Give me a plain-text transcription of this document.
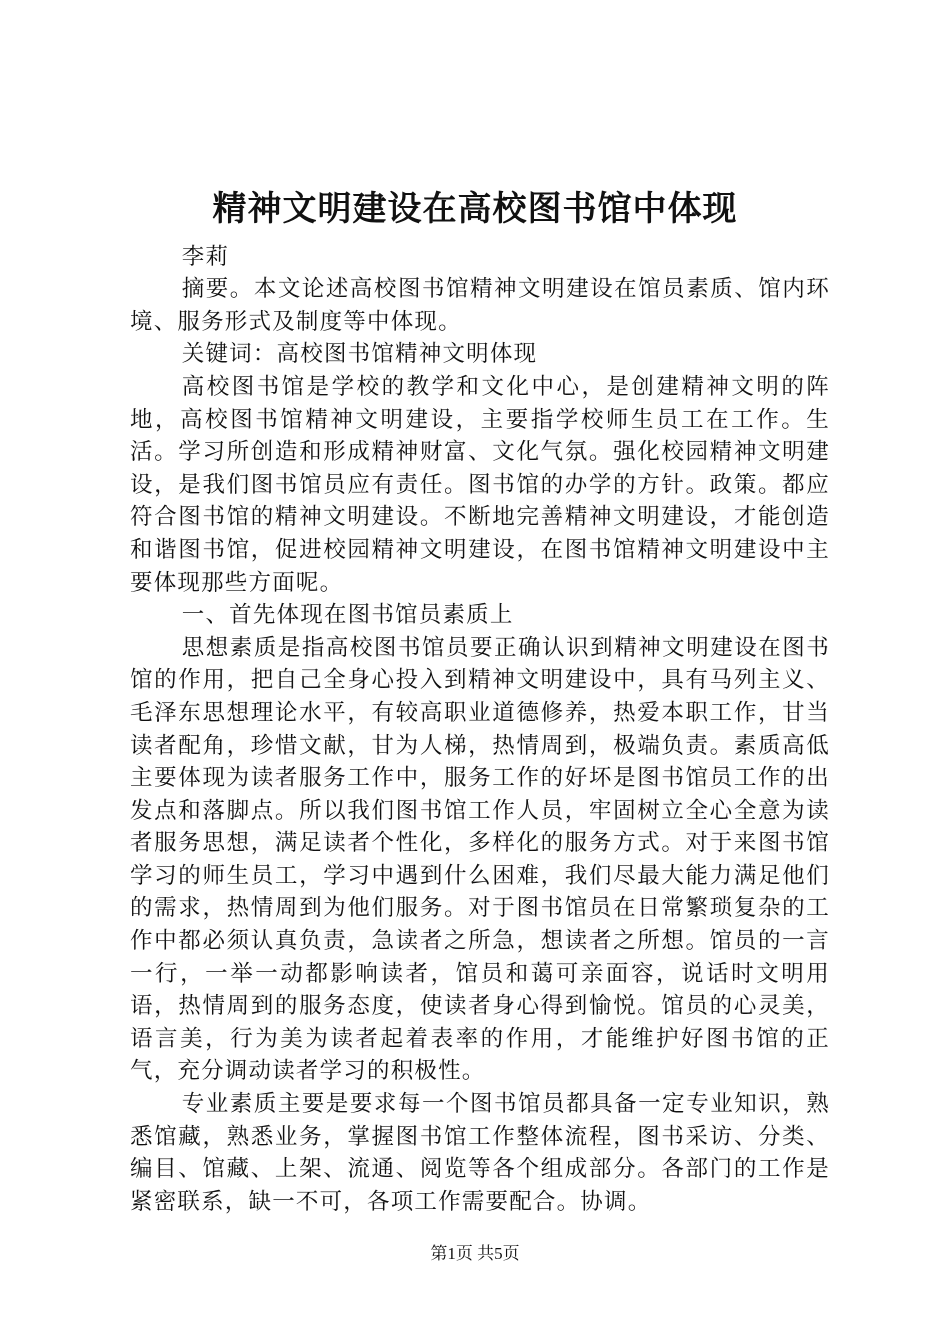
精神文明建设在高校图书馆中体现

李莉

摘要。本文论述高校图书馆精神文明建设在馆员素质、馆内环境、服务形式及制度等中体现。

关键词：高校图书馆精神文明体现

高校图书馆是学校的教学和文化中心，是创建精神文明的阵地，高校图书馆精神文明建设，主要指学校师生员工在工作。生活。学习所创造和形成精神财富、文化气氛。强化校园精神文明建设，是我们图书馆员应有责任。图书馆的办学的方针。政策。都应符合图书馆的精神文明建设。不断地完善精神文明建设，才能创造和谐图书馆，促进校园精神文明建设，在图书馆精神文明建设中主要体现那些方面呢。

一、首先体现在图书馆员素质上

思想素质是指高校图书馆员要正确认识到精神文明建设在图书馆的作用，把自己全身心投入到精神文明建设中，具有马列主义、毛泽东思想理论水平，有较高职业道德修养，热爱本职工作，甘当读者配角，珍惜文献，甘为人梯，热情周到，极端负责。素质高低主要体现为读者服务工作中，服务工作的好坏是图书馆员工作的出发点和落脚点。所以我们图书馆工作人员，牢固树立全心全意为读者服务思想，满足读者个性化，多样化的服务方式。对于来图书馆学习的师生员工，学习中遇到什么困难，我们尽最大能力满足他们的需求，热情周到为他们服务。对于图书馆员在日常繁琐复杂的工作中都必须认真负责，急读者之所急，想读者之所想。馆员的一言一行，一举一动都影响读者，馆员和蔼可亲面容，说话时文明用语，热情周到的服务态度，使读者身心得到愉悦。馆员的心灵美，语言美，行为美为读者起着表率的作用，才能维护好图书馆的正气，充分调动读者学习的积极性。

专业素质主要是要求每一个图书馆员都具备一定专业知识，熟悉馆藏，熟悉业务，掌握图书馆工作整体流程，图书采访、分类、编目、馆藏、上架、流通、阅览等各个组成部分。各部门的工作是紧密联系，缺一不可，各项工作需要配合。协调。

第1页 共5页
